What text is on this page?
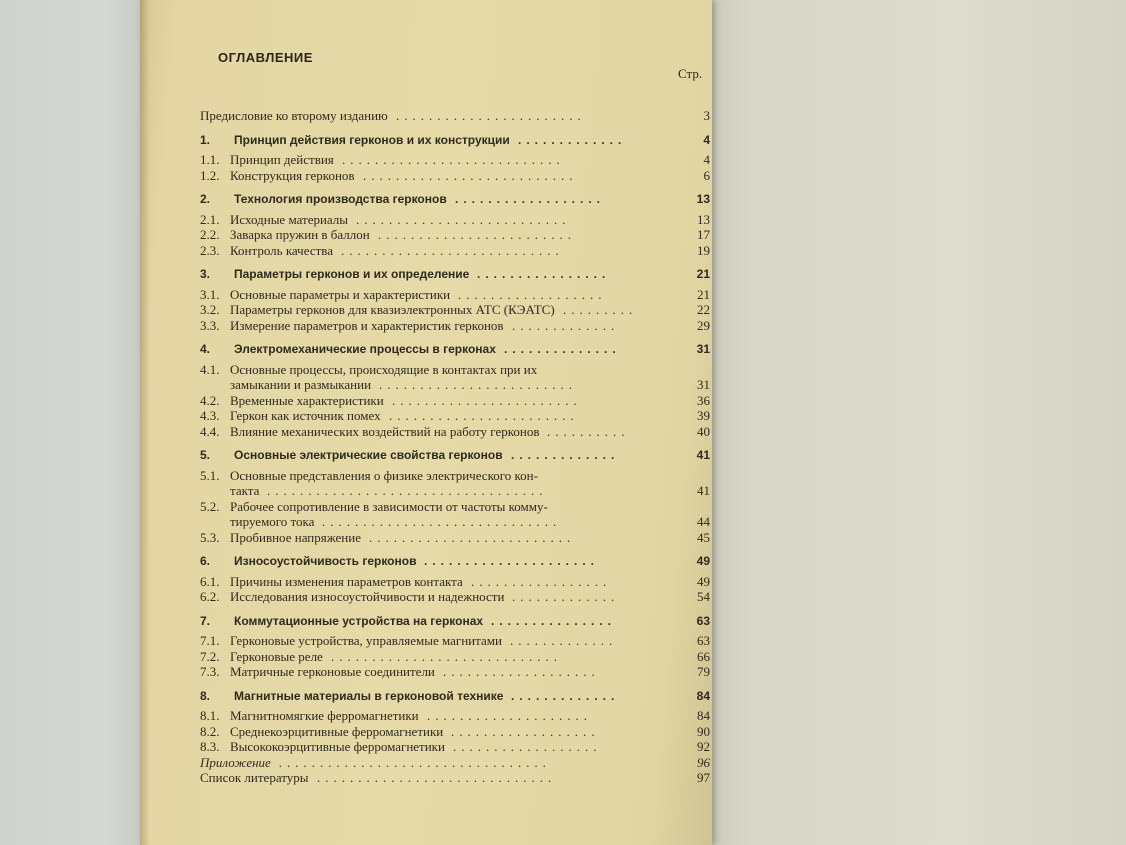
ОГЛАВЛЕНИЕ
Стр.
Предисловие ко второму изданию .......................	3
1. Принцип действия герконов и их конструкции .............	4
1.1. Принцип действия ...........................	4
1.2. Конструкция герконов ..........................	6
2. Технология производства герконов ..................	13
2.1. Исходные материалы ..........................	13
2.2. Заварка пружин в баллон ........................	17
2.3. Контроль качества ...........................	19
3. Параметры герконов и их определение ................	21
3.1. Основные параметры и характеристики ..................	21
3.2. Параметры герконов для квазиэлектронных АТС (КЭАТС) .........	22
3.3. Измерение параметров и характеристик герконов .............	29
4. Электромеханические процессы в герконах ..............	31
4.1. Основные процессы, происходящие в контактах при их
замыкании и размыкании ........................	31
4.2. Временные характеристики .......................	36
4.3. Геркон как источник помех .......................	39
4.4. Влияние механических воздействий на работу герконов ..........	40
5. Основные электрические свойства герконов .............	41
5.1. Основные представления о физике электрического кон-
такта ..................................	41
5.2. Рабочее сопротивление в зависимости от частоты комму-
тируемого тока .............................	44
5.3. Пробивное напряжение .........................	45
6. Износоустойчивость герконов .....................	49
6.1. Причины изменения параметров контакта .................	49
6.2. Исследования износоустойчивости и надежности .............	54
7. Коммутационные устройства на герконах ...............	63
7.1. Герконовые устройства, управляемые магнитами .............	63
7.2. Герконовые реле ............................	66
7.3. Матричные герконовые соединители ...................	79
8. Магнитные материалы в герконовой технике .............	84
8.1. Магнитномягкие ферромагнетики ....................	84
8.2. Среднекоэрцитивные ферромагнетики ..................	90
8.3. Высококоэрцитивные ферромагнетики ..................	92
Приложение .................................	96
Список литературы .............................	97
